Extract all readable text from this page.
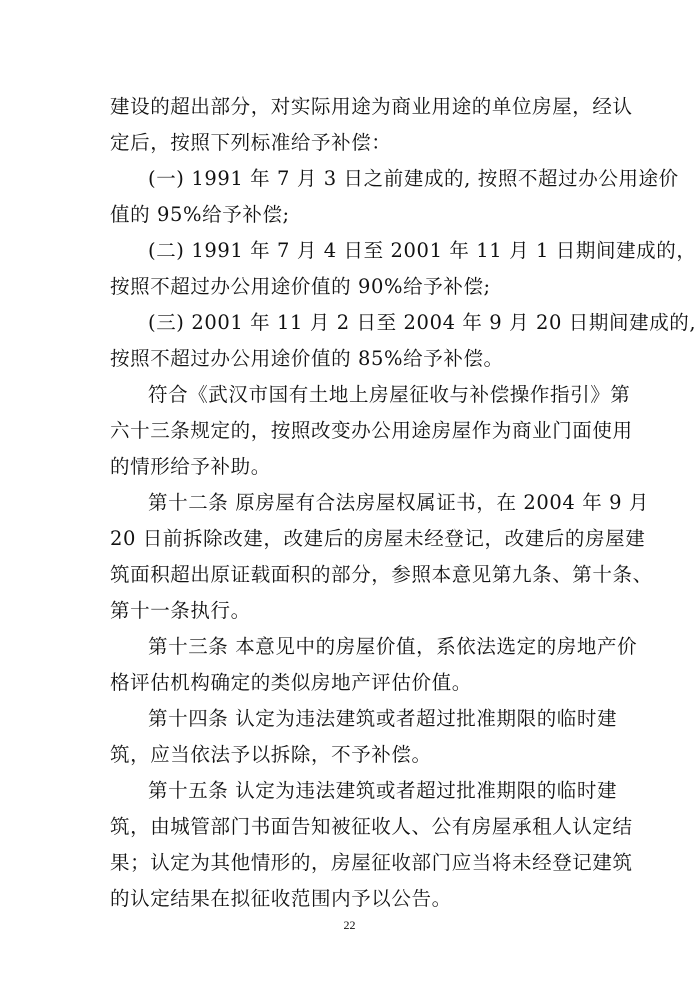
建设的超出部分，对实际用途为商业用途的单位房屋，经认
定后，按照下列标准给予补偿：
(一) 1991 年 7 月 3 日之前建成的, 按照不超过办公用途价
值的 95%给予补偿;
(二) 1991 年 7 月 4 日至 2001 年 11 月 1 日期间建成的，
按照不超过办公用途价值的 90%给予补偿;
(三) 2001 年 11 月 2 日至 2004 年 9 月 20 日期间建成的,
按照不超过办公用途价值的 85%给予补偿。
符合《武汉市国有土地上房屋征收与补偿操作指引》第
六十三条规定的，按照改变办公用途房屋作为商业门面使用
的情形给予补助。
第十二条 原房屋有合法房屋权属证书，在 2004 年 9 月
20 日前拆除改建，改建后的房屋未经登记，改建后的房屋建
筑面积超出原证载面积的部分，参照本意见第九条、第十条、
第十一条执行。
第十三条 本意见中的房屋价值，系依法选定的房地产价
格评估机构确定的类似房地产评估价值。
第十四条 认定为违法建筑或者超过批准期限的临时建
筑，应当依法予以拆除，不予补偿。
第十五条 认定为违法建筑或者超过批准期限的临时建
筑，由城管部门书面告知被征收人、公有房屋承租人认定结
果；认定为其他情形的，房屋征收部门应当将未经登记建筑
的认定结果在拟征收范围内予以公告。
22
